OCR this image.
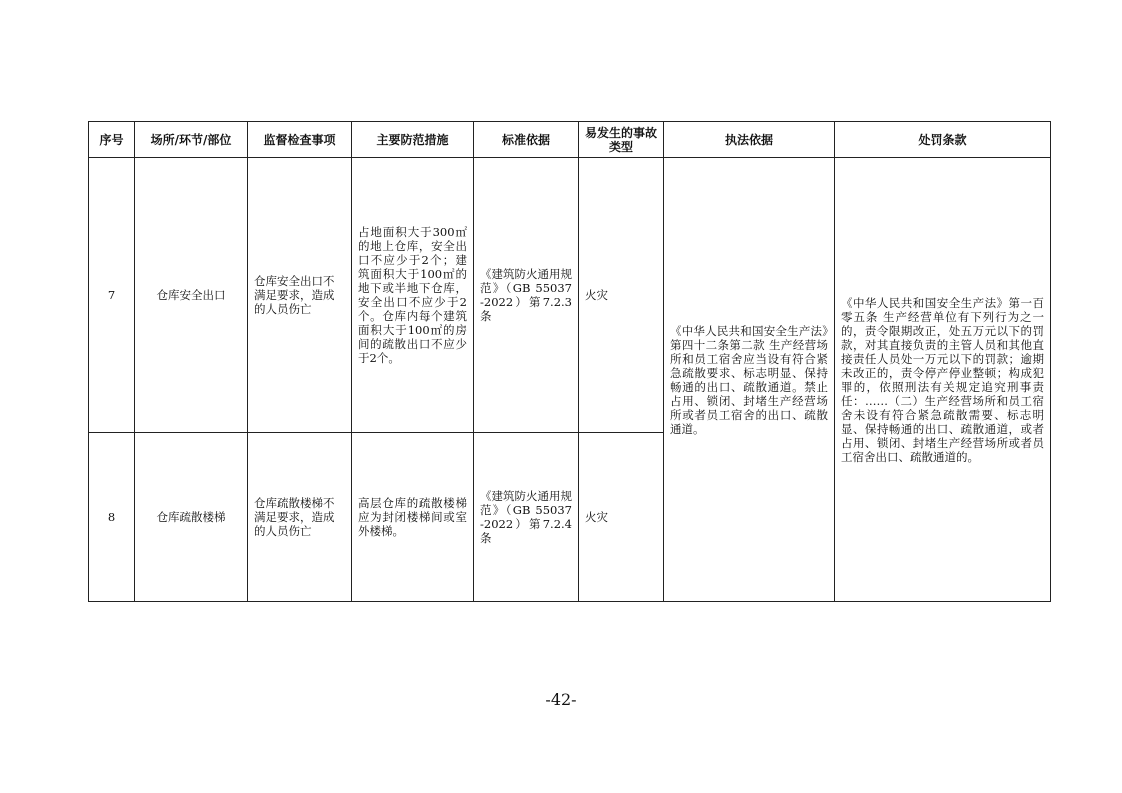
序号	场所/环节/部位	监督检查事项	主要防范措施	标准依据	易发生的事故类型	执法依据	处罚条款
7	仓库安全出口	仓库安全出口不满足要求，造成的人员伤亡	占地面积大于300㎡的地上仓库，安全出口不应少于2个；建筑面积大于100㎡的地下或半地下仓库，安全出口不应少于2个。仓库内每个建筑面积大于100㎡的房间的疏散出口不应少于2个。	《建筑防火通用规范》（GB 55037 -2022）第7.2.3条	火灾	《中华人民共和国安全生产法》第四十二条第二款 生产经营场所和员工宿舍应当设有符合紧急疏散要求、标志明显、保持畅通的出口、疏散通道。禁止占用、锁闭、封堵生产经营场所或者员工宿舍的出口、疏散通道。	《中华人民共和国安全生产法》第一百零五条 生产经营单位有下列行为之一的，责令限期改正，处五万元以下的罚款，对其直接负责的主管人员和其他直接责任人员处一万元以下的罚款；逾期未改正的，责令停产停业整顿；构成犯罪的，依照刑法有关规定追究刑事责任：……（二）生产经营场所和员工宿舍未设有符合紧急疏散需要、标志明显、保持畅通的出口、疏散通道，或者占用、锁闭、封堵生产经营场所或者员工宿舍出口、疏散通道的。
8	仓库疏散楼梯	仓库疏散楼梯不满足要求，造成的人员伤亡	高层仓库的疏散楼梯应为封闭楼梯间或室外楼梯。	《建筑防火通用规范》（GB 55037 -2022）第7.2.4条	火灾		
-42-
